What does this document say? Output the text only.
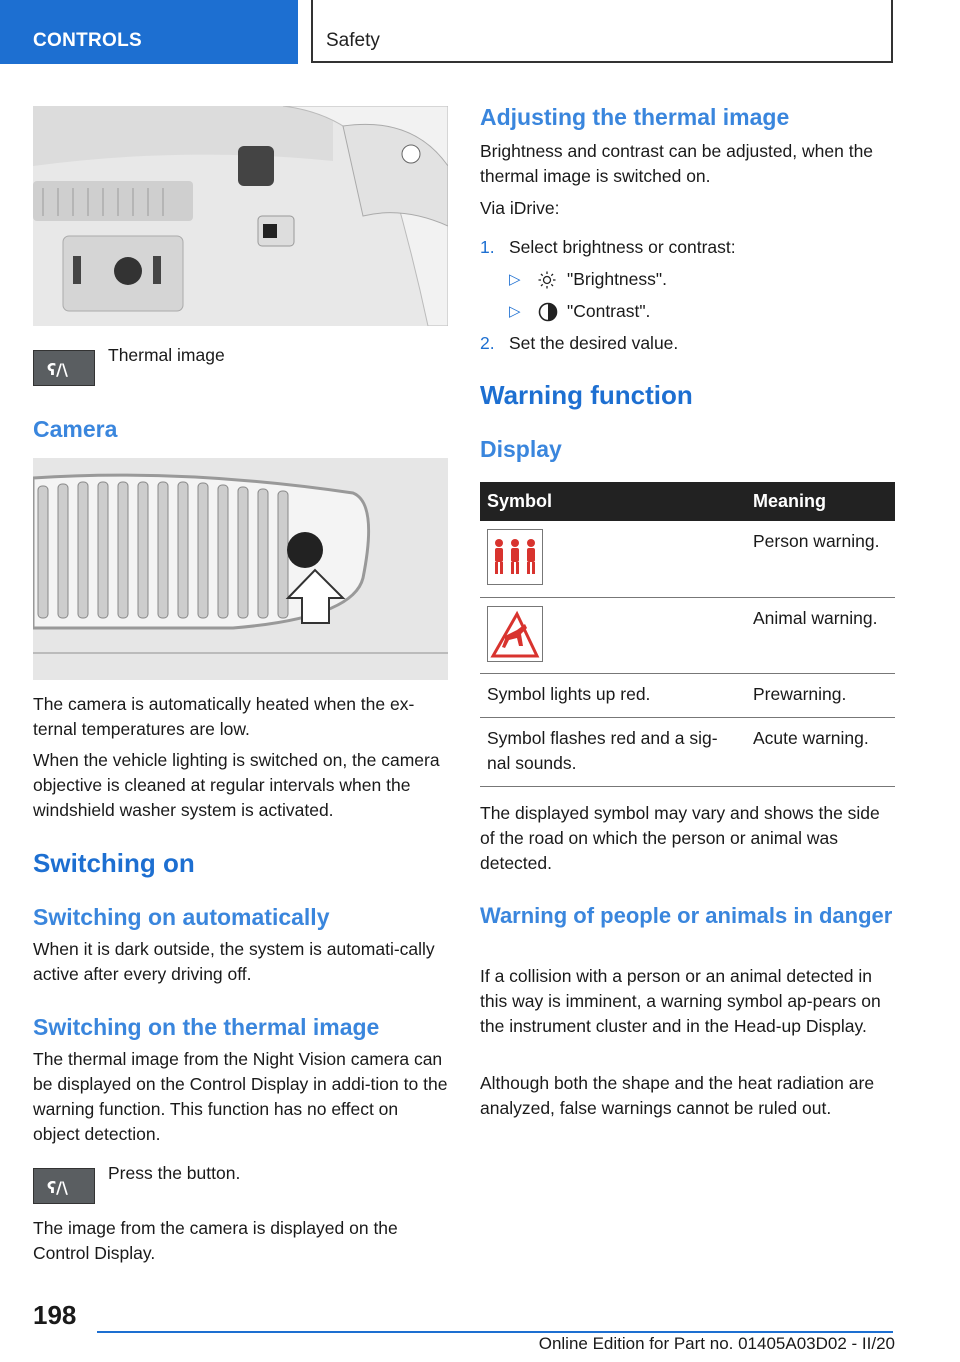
CONTROLS	Safety
ʕ/\
Thermal image
Camera

The camera is automatically heated when the ex-ternal temperatures are low.

When the vehicle lighting is switched on, the camera objective is cleaned at regular intervals when the windshield washer system is activated.

Switching on
Switching on automatically

When it is dark outside, the system is automati-cally active after every driving off.

Switching on the thermal image

The thermal image from the Night Vision camera can be displayed on the Control Display in addi-tion to the warning function. This function has no effect on object detection.

ʕ/\
Press the button.

The image from the camera is displayed on the Control Display.

Adjusting the thermal image

Brightness and contrast can be adjusted, when the thermal image is switched on.

Via iDrive:
1. Select brightness or contrast:
▷	"Brightness".
▷	"Contrast".
2. Set the desired value.
Warning function
Display
Symbol	Meaning

	Person warning.

	Animal warning.
Symbol lights up red.	Prewarning.
Symbol flashes red and a sig-nal sounds.	Acute warning.

The displayed symbol may vary and shows the side of the road on which the person or animal was detected.

Warning of people or animals in danger

If a collision with a person or an animal detected in this way is imminent, a warning symbol ap-pears on the instrument cluster and in the Head-up Display.

Although both the shape and the heat radiation are analyzed, false warnings cannot be ruled out.

198
Online Edition for Part no. 01405A03D02 - II/20
